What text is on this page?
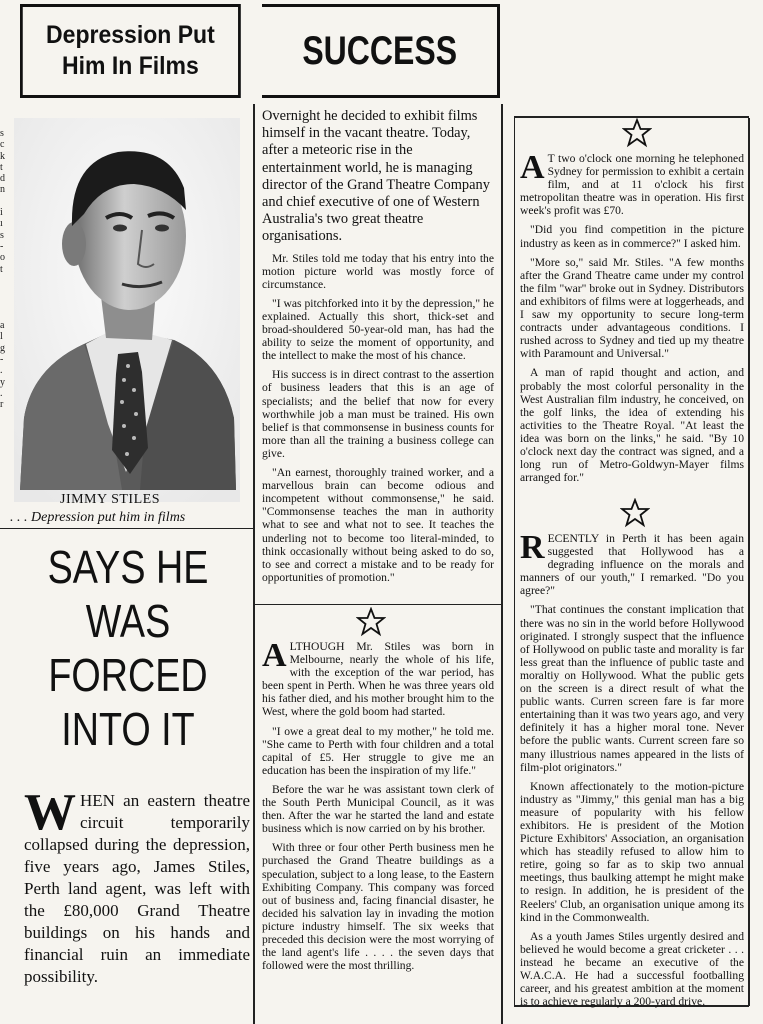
Depression Put
Him In Films	SUCCESS
s
c
k
t
d
n

i
ı
s
-
o
t

a
l
g
-
.
y
.
r
JIMMY STILES
. . . Depression put him in films
SAYS HE
WAS
FORCED
INTO IT
WHEN an eastern theatre circuit temporarily collapsed during the depression, five years ago, James Stiles, Perth land agent, was left with the £80,000 Grand Theatre buildings on his hands and financial ruin an immediate possibility.

Overnight he decided to exhibit films himself in the vacant theatre. Today, after a meteoric rise in the entertainment world, he is managing director of the Grand Theatre Company and chief executive of one of Western Australia's two great theatre organisations.

Mr. Stiles told me today that his entry into the motion picture world was mostly force of circumstance.

"I was pitchforked into it by the depression," he explained. Actually this short, thick-set and broad-shouldered 50-year-old man, has had the ability to seize the moment of opportunity, and the intellect to make the most of his chance.

His success is in direct contrast to the assertion of business leaders that this is an age of specialists; and the belief that now for every worthwhile job a man must be trained. His own belief is that commonsense in business counts for more than all the training a business college can give.

"An earnest, thoroughly trained worker, and a marvellous brain can become odious and incompetent without commonsense," he said. "Commonsense teaches the man in authority what to see and what not to see. It teaches the underling not to become too literal-minded, to think occasionally without being asked to do so, to see and correct a mistake and to be ready for opportunities of promotion."

ALTHOUGH Mr. Stiles was born in Melbourne, nearly the whole of his life, with the exception of the war period, has been spent in Perth. When he was three years old his father died, and his mother brought him to the West, where the gold boom had started.

"I owe a great deal to my mother," he told me. "She came to Perth with four children and a total capital of £5. Her struggle to give me an education has been the inspiration of my life."

Before the war he was assistant town clerk of the South Perth Municipal Council, as it was then. After the war he started the land and estate business which is now carried on by his brother.

With three or four other Perth business men he purchased the Grand Theatre buildings as a speculation, subject to a long lease, to the Eastern Exhibiting Company. This company was forced out of business and, facing financial disaster, he decided his salvation lay in invading the motion picture industry himself. The six weeks that preceded this decision were the most worrying of the land agent's life . . . . the seven days that followed were the most thrilling.

A T two o'clock one morning he telephoned Sydney for permission to exhibit a certain film, and at 11 o'clock his first metropolitan theatre was in operation. His first week's profit was £70.

"Did you find competition in the picture industry as keen as in commerce?" I asked him.

"More so," said Mr. Stiles. "A few months after the Grand Theatre came under my control the film "war" broke out in Sydney. Distributors and exhibitors of films were at loggerheads, and I saw my opportunity to secure long-term contracts under advantageous conditions. I rushed across to Sydney and tied up my theatre with Paramount and Universal."

A man of rapid thought and action, and probably the most colorful personality in the West Australian film industry, he conceived, on the golf links, the idea of extending his activities to the Theatre Royal. "At least the idea was born on the links," he said. "By 10 o'clock next day the contract was signed, and a long run of Metro-Goldwyn-Mayer films arranged for."

RECENTLY in Perth it has been again suggested that Hollywood has a degrading influence on the morals and manners of our youth," I remarked. "Do you agree?"

"That continues the constant implication that there was no sin in the world before Hollywood originated. I strongly suspect that the influence of Hollywood on public taste and morality is far less great than the influence of public taste and moraltiy on Hollywood. What the public gets on the screen is a direct result of what the public wants. Curren screen fare is far more entertaining than it was two years ago, and very definitely it has a higher moral tone. Never before the public wants. Current screen fare so many illustrious names appeared in the lists of film-plot originators."

Known affectionately to the motion-picture industry as "Jimmy," this genial man has a big measure of popularity with his fellow exhibitors. He is president of the Motion Picture Exhibitors' Association, an organisation which has steadily refused to allow him to retire, going so far as to skip two annual meetings, thus baulking attempt he might make to resign. In addition, he is president of the Reelers' Club, an organisation unique among its kind in the Commonwealth.

As a youth James Stiles urgently desired and believed he would become a great cricketer . . . instead he became an executive of the W.A.C.A. He had a successful footballing career, and his greatest ambition at the moment is to achieve regularly a 200-yard drive.
